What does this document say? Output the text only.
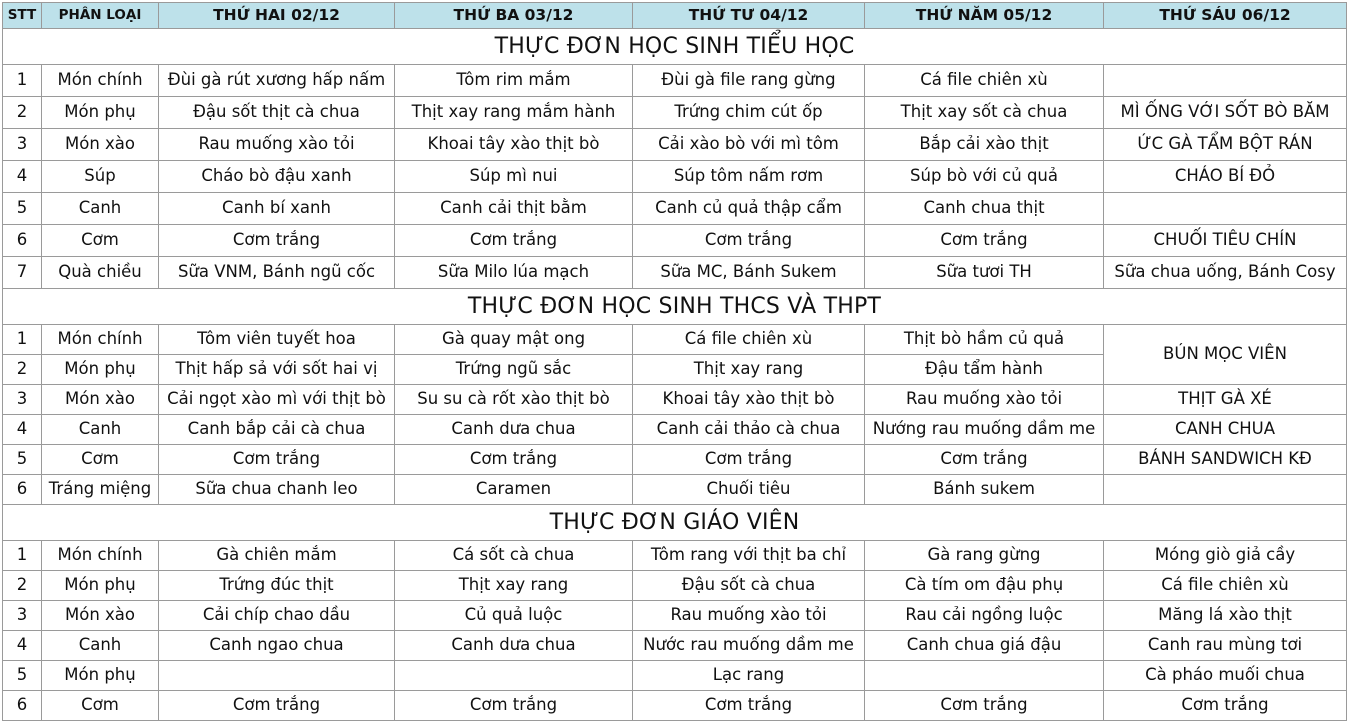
STT	PHÂN LOẠI	THỨ HAI 02/12	THỨ BA 03/12	THỨ TƯ 04/12	THỨ NĂM 05/12	THỨ SÁU 06/12
THỰC ĐƠN HỌC SINH TIỂU HỌC						
1	Món chính	Đùi gà rút xương hấp nấm	Tôm rim mắm	Đùi gà file rang gừng	Cá file chiên xù	
2	Món phụ	Đậu sốt thịt cà chua	Thịt xay rang mắm hành	Trứng chim cút ốp	Thịt xay sốt cà chua	MÌ ỐNG VỚI SỐT BÒ BĂM
3	Món xào	Rau muống xào tỏi	Khoai tây xào thịt bò	Cải xào bò với mì tôm	Bắp cải xào thịt	ỨC GÀ TẨM BỘT RÁN
4	Súp	Cháo bò đậu xanh	Súp mì nui	Súp tôm nấm rơm	Súp bò với củ quả	CHÁO BÍ ĐỎ
5	Canh	Canh bí xanh	Canh cải thịt bằm	Canh củ quả thập cẩm	Canh chua thịt	
6	Cơm	Cơm trắng	Cơm trắng	Cơm trắng	Cơm trắng	CHUỐI TIÊU CHÍN
7	Quà chiều	Sữa VNM, Bánh ngũ cốc	Sữa Milo lúa mạch	Sữa MC, Bánh Sukem	Sữa tươi TH	Sữa chua uống, Bánh Cosy
THỰC ĐƠN HỌC SINH THCS VÀ THPT						
1	Món chính	Tôm viên tuyết hoa	Gà quay mật ong	Cá file chiên xù	Thịt bò hầm củ quả	BÚN MỌC VIÊN
2	Món phụ	Thịt hấp sả với sốt hai vị	Trứng ngũ sắc	Thịt xay rang	Đậu tẩm hành	
3	Món xào	Cải ngọt xào mì với thịt bò	Su su cà rốt xào thịt bò	Khoai tây xào thịt bò	Rau muống xào tỏi	THỊT GÀ XÉ
4	Canh	Canh bắp cải cà chua	Canh dưa chua	Canh cải thảo cà chua	Nướng rau muống dầm me	CANH CHUA
5	Cơm	Cơm trắng	Cơm trắng	Cơm trắng	Cơm trắng	BÁNH SANDWICH KĐ
6	Tráng miệng	Sữa chua chanh leo	Caramen	Chuối tiêu	Bánh sukem	
THỰC ĐƠN GIÁO VIÊN						
1	Món chính	Gà chiên mắm	Cá sốt cà chua	Tôm rang với thịt ba chỉ	Gà rang gừng	Móng giò giả cầy
2	Món phụ	Trứng đúc thịt	Thịt xay rang	Đậu sốt cà chua	Cà tím om đậu phụ	Cá file chiên xù
3	Món xào	Cải chíp chao dầu	Củ quả luộc	Rau muống xào tỏi	Rau cải ngồng luộc	Măng lá xào thịt
4	Canh	Canh ngao chua	Canh dưa chua	Nước rau muống dầm me	Canh chua giá đậu	Canh rau mùng tơi
5	Món phụ			Lạc rang		Cà pháo muối chua
6	Cơm	Cơm trắng	Cơm trắng	Cơm trắng	Cơm trắng	Cơm trắng
